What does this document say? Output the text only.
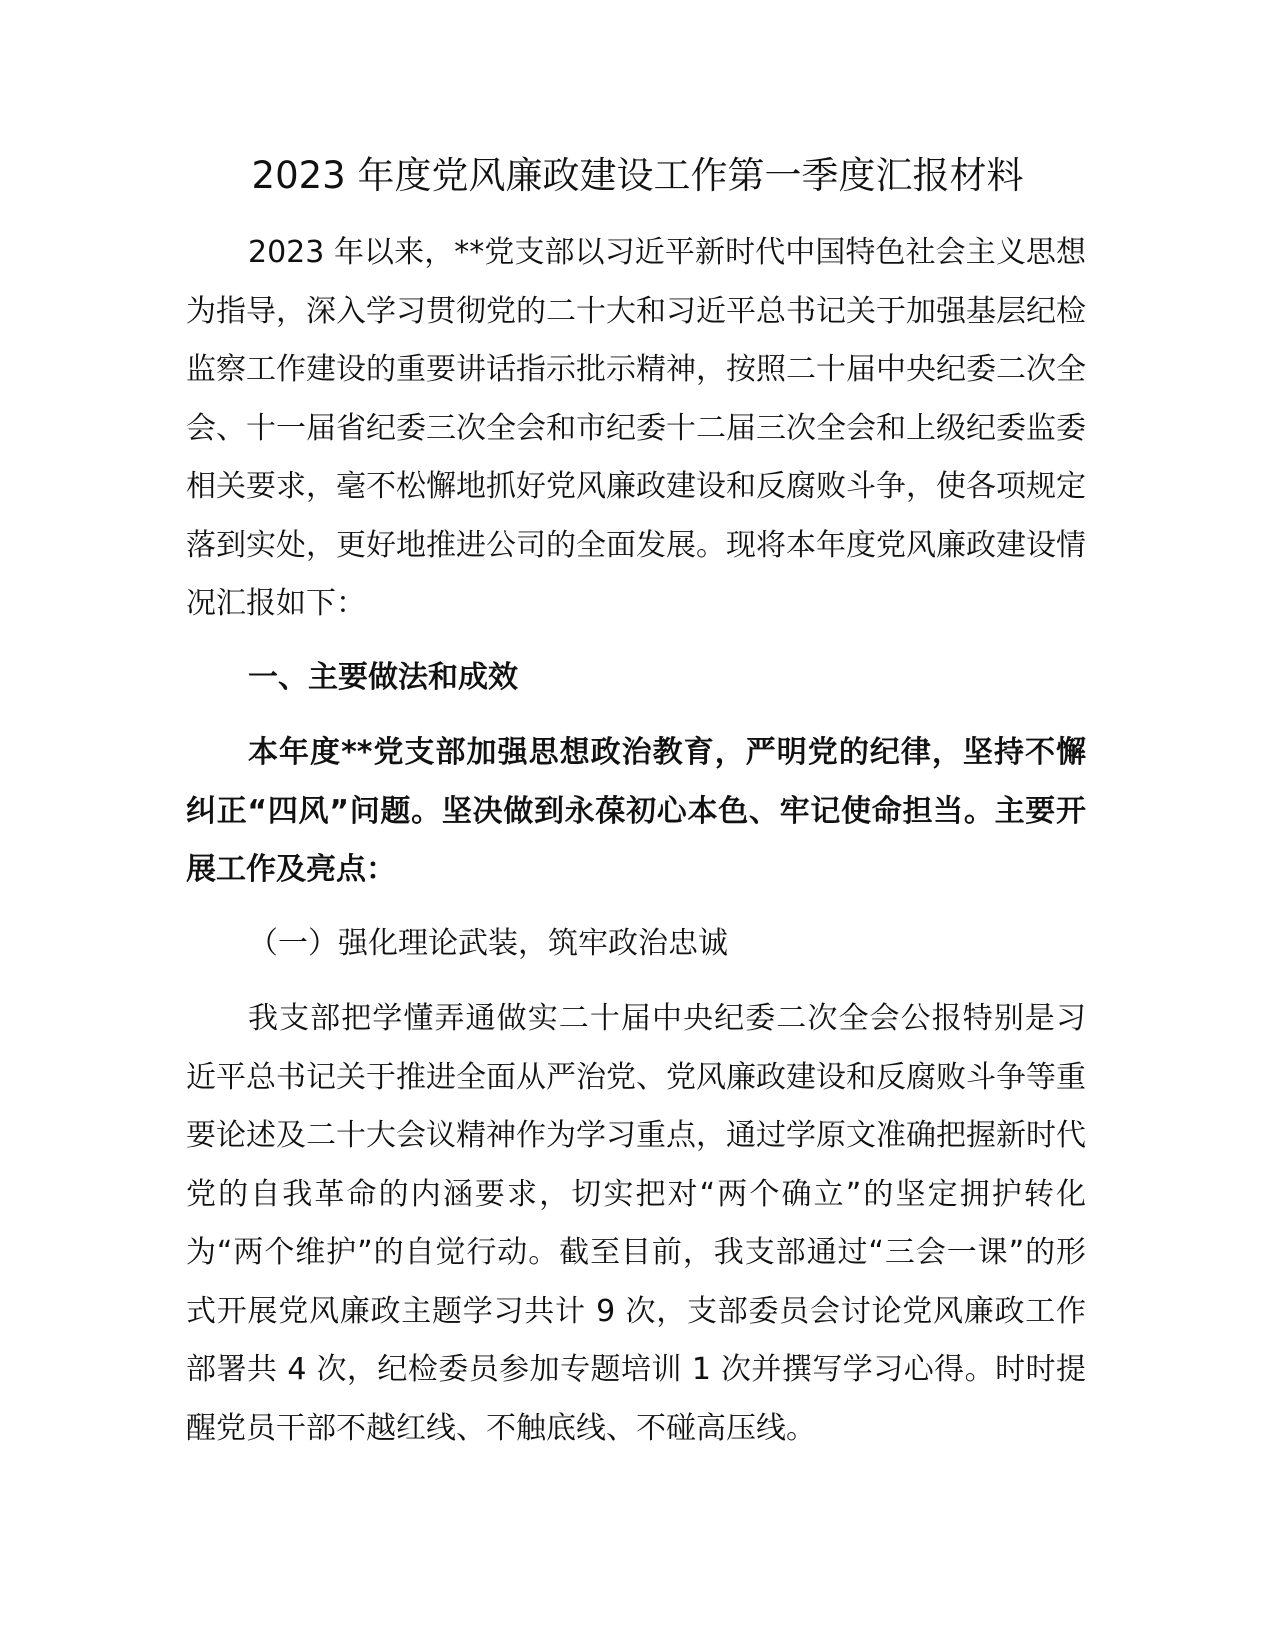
2023 年度党风廉政建设工作第一季度汇报材料

2023 年以来，**党支部以习近平新时代中国特色社会主义思想为指导，深入学习贯彻党的二十大和习近平总书记关于加强基层纪检监察工作建设的重要讲话指示批示精神，按照二十届中央纪委二次全会、十一届省纪委三次全会和市纪委十二届三次全会和上级纪委监委相关要求，毫不松懈地抓好党风廉政建设和反腐败斗争，使各项规定落到实处，更好地推进公司的全面发展。现将本年度党风廉政建设情况汇报如下：

一、主要做法和成效

本年度**党支部加强思想政治教育，严明党的纪律，坚持不懈纠正“四风”问题。坚决做到永葆初心本色、牢记使命担当。主要开展工作及亮点：

（一）强化理论武装，筑牢政治忠诚

我支部把学懂弄通做实二十届中央纪委二次全会公报特别是习近平总书记关于推进全面从严治党、党风廉政建设和反腐败斗争等重要论述及二十大会议精神作为学习重点，通过学原文准确把握新时代党的自我革命的内涵要求，切实把对“两个确立”的坚定拥护转化为“两个维护”的自觉行动。截至目前，我支部通过“三会一课”的形式开展党风廉政主题学习共计 9 次，支部委员会讨论党风廉政工作部署共 4 次，纪检委员参加专题培训 1 次并撰写学习心得。时时提醒党员干部不越红线、不触底线、不碰高压线。
